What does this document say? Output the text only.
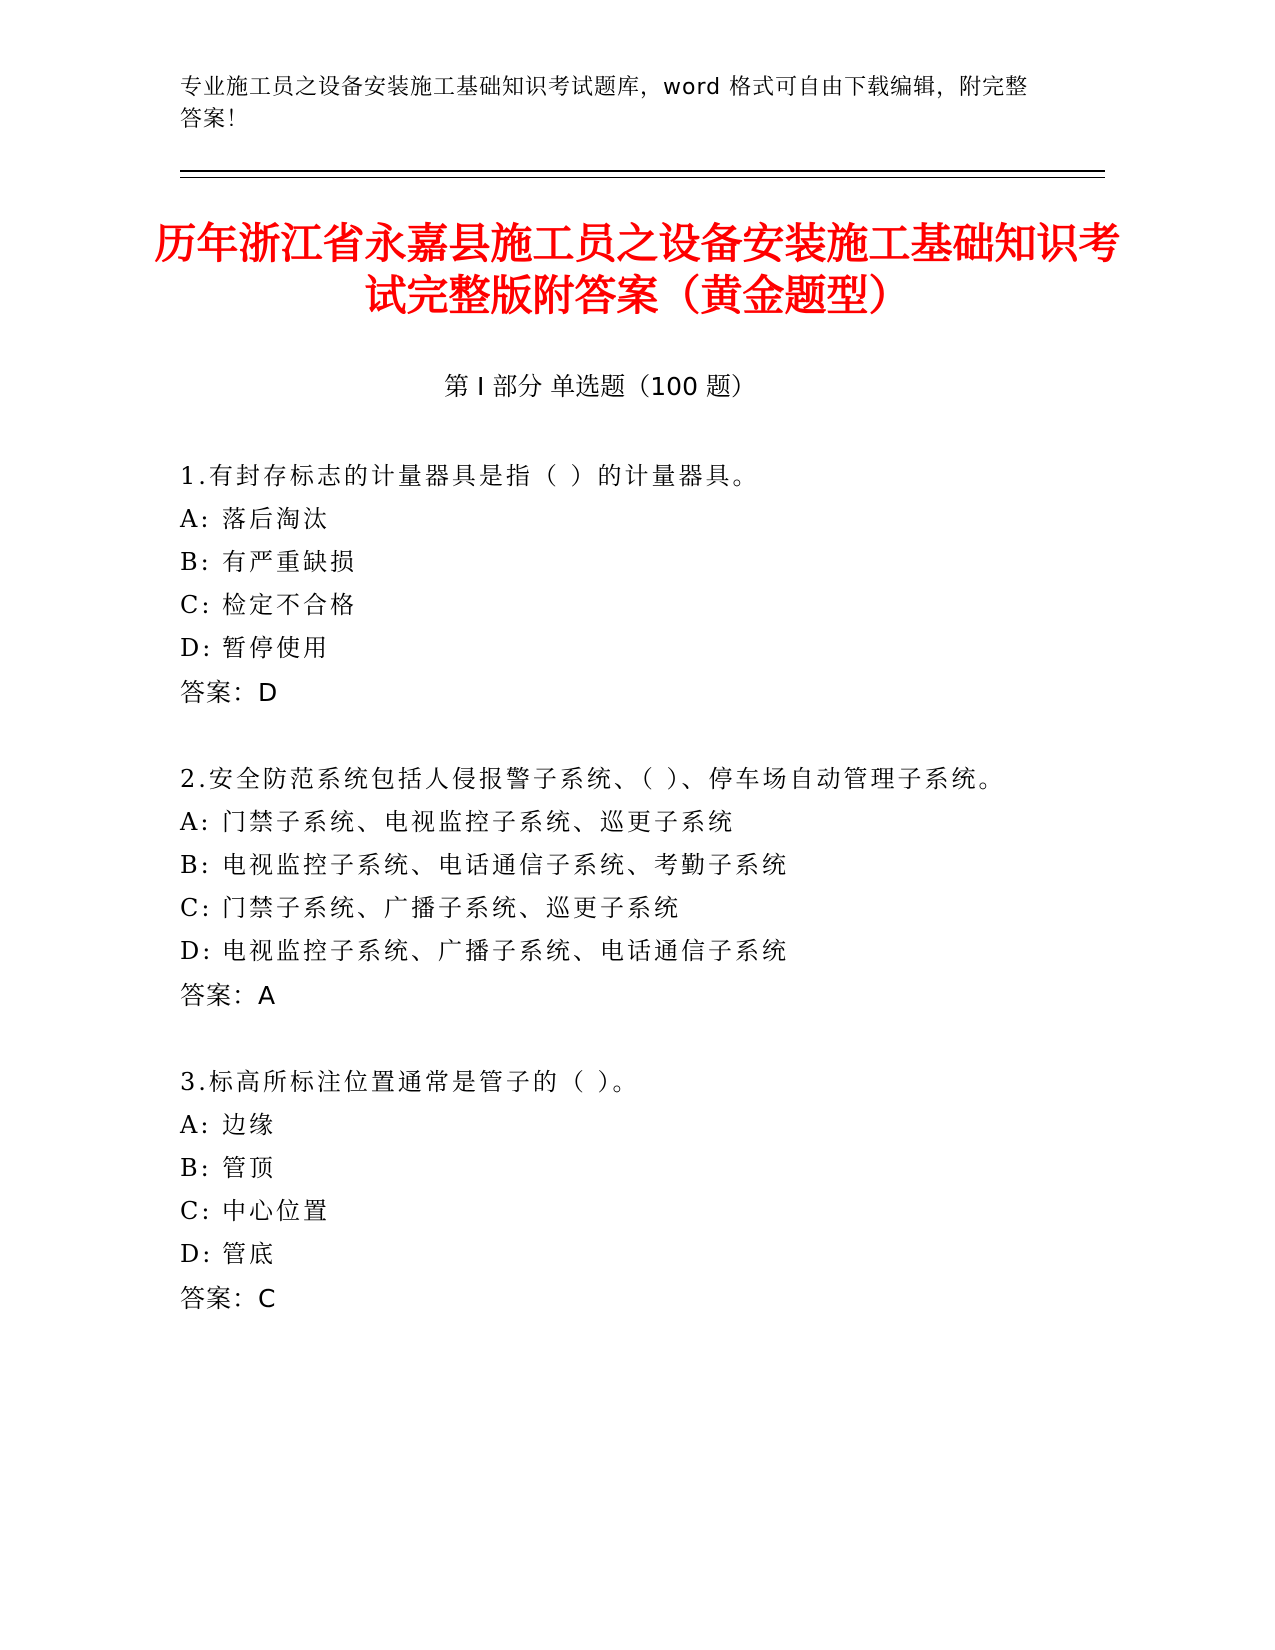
专业施工员之设备安装施工基础知识考试题库，word 格式可自由下载编辑，附完整答案！
历年浙江省永嘉县施工员之设备安装施工基础知识考试完整版附答案（黄金题型）
第 I 部分 单选题（100 题）
1.有封存标志的计量器具是指（ ）的计量器具。
A: 落后淘汰
B: 有严重缺损
C: 检定不合格
D: 暂停使用
答案：D
2.安全防范系统包括人侵报警子系统、（ ）、停车场自动管理子系统。
A: 门禁子系统、电视监控子系统、巡更子系统
B: 电视监控子系统、电话通信子系统、考勤子系统
C: 门禁子系统、广播子系统、巡更子系统
D: 电视监控子系统、广播子系统、电话通信子系统
答案：A
3.标高所标注位置通常是管子的（ ）。
A: 边缘
B: 管顶
C: 中心位置
D: 管底
答案：C
